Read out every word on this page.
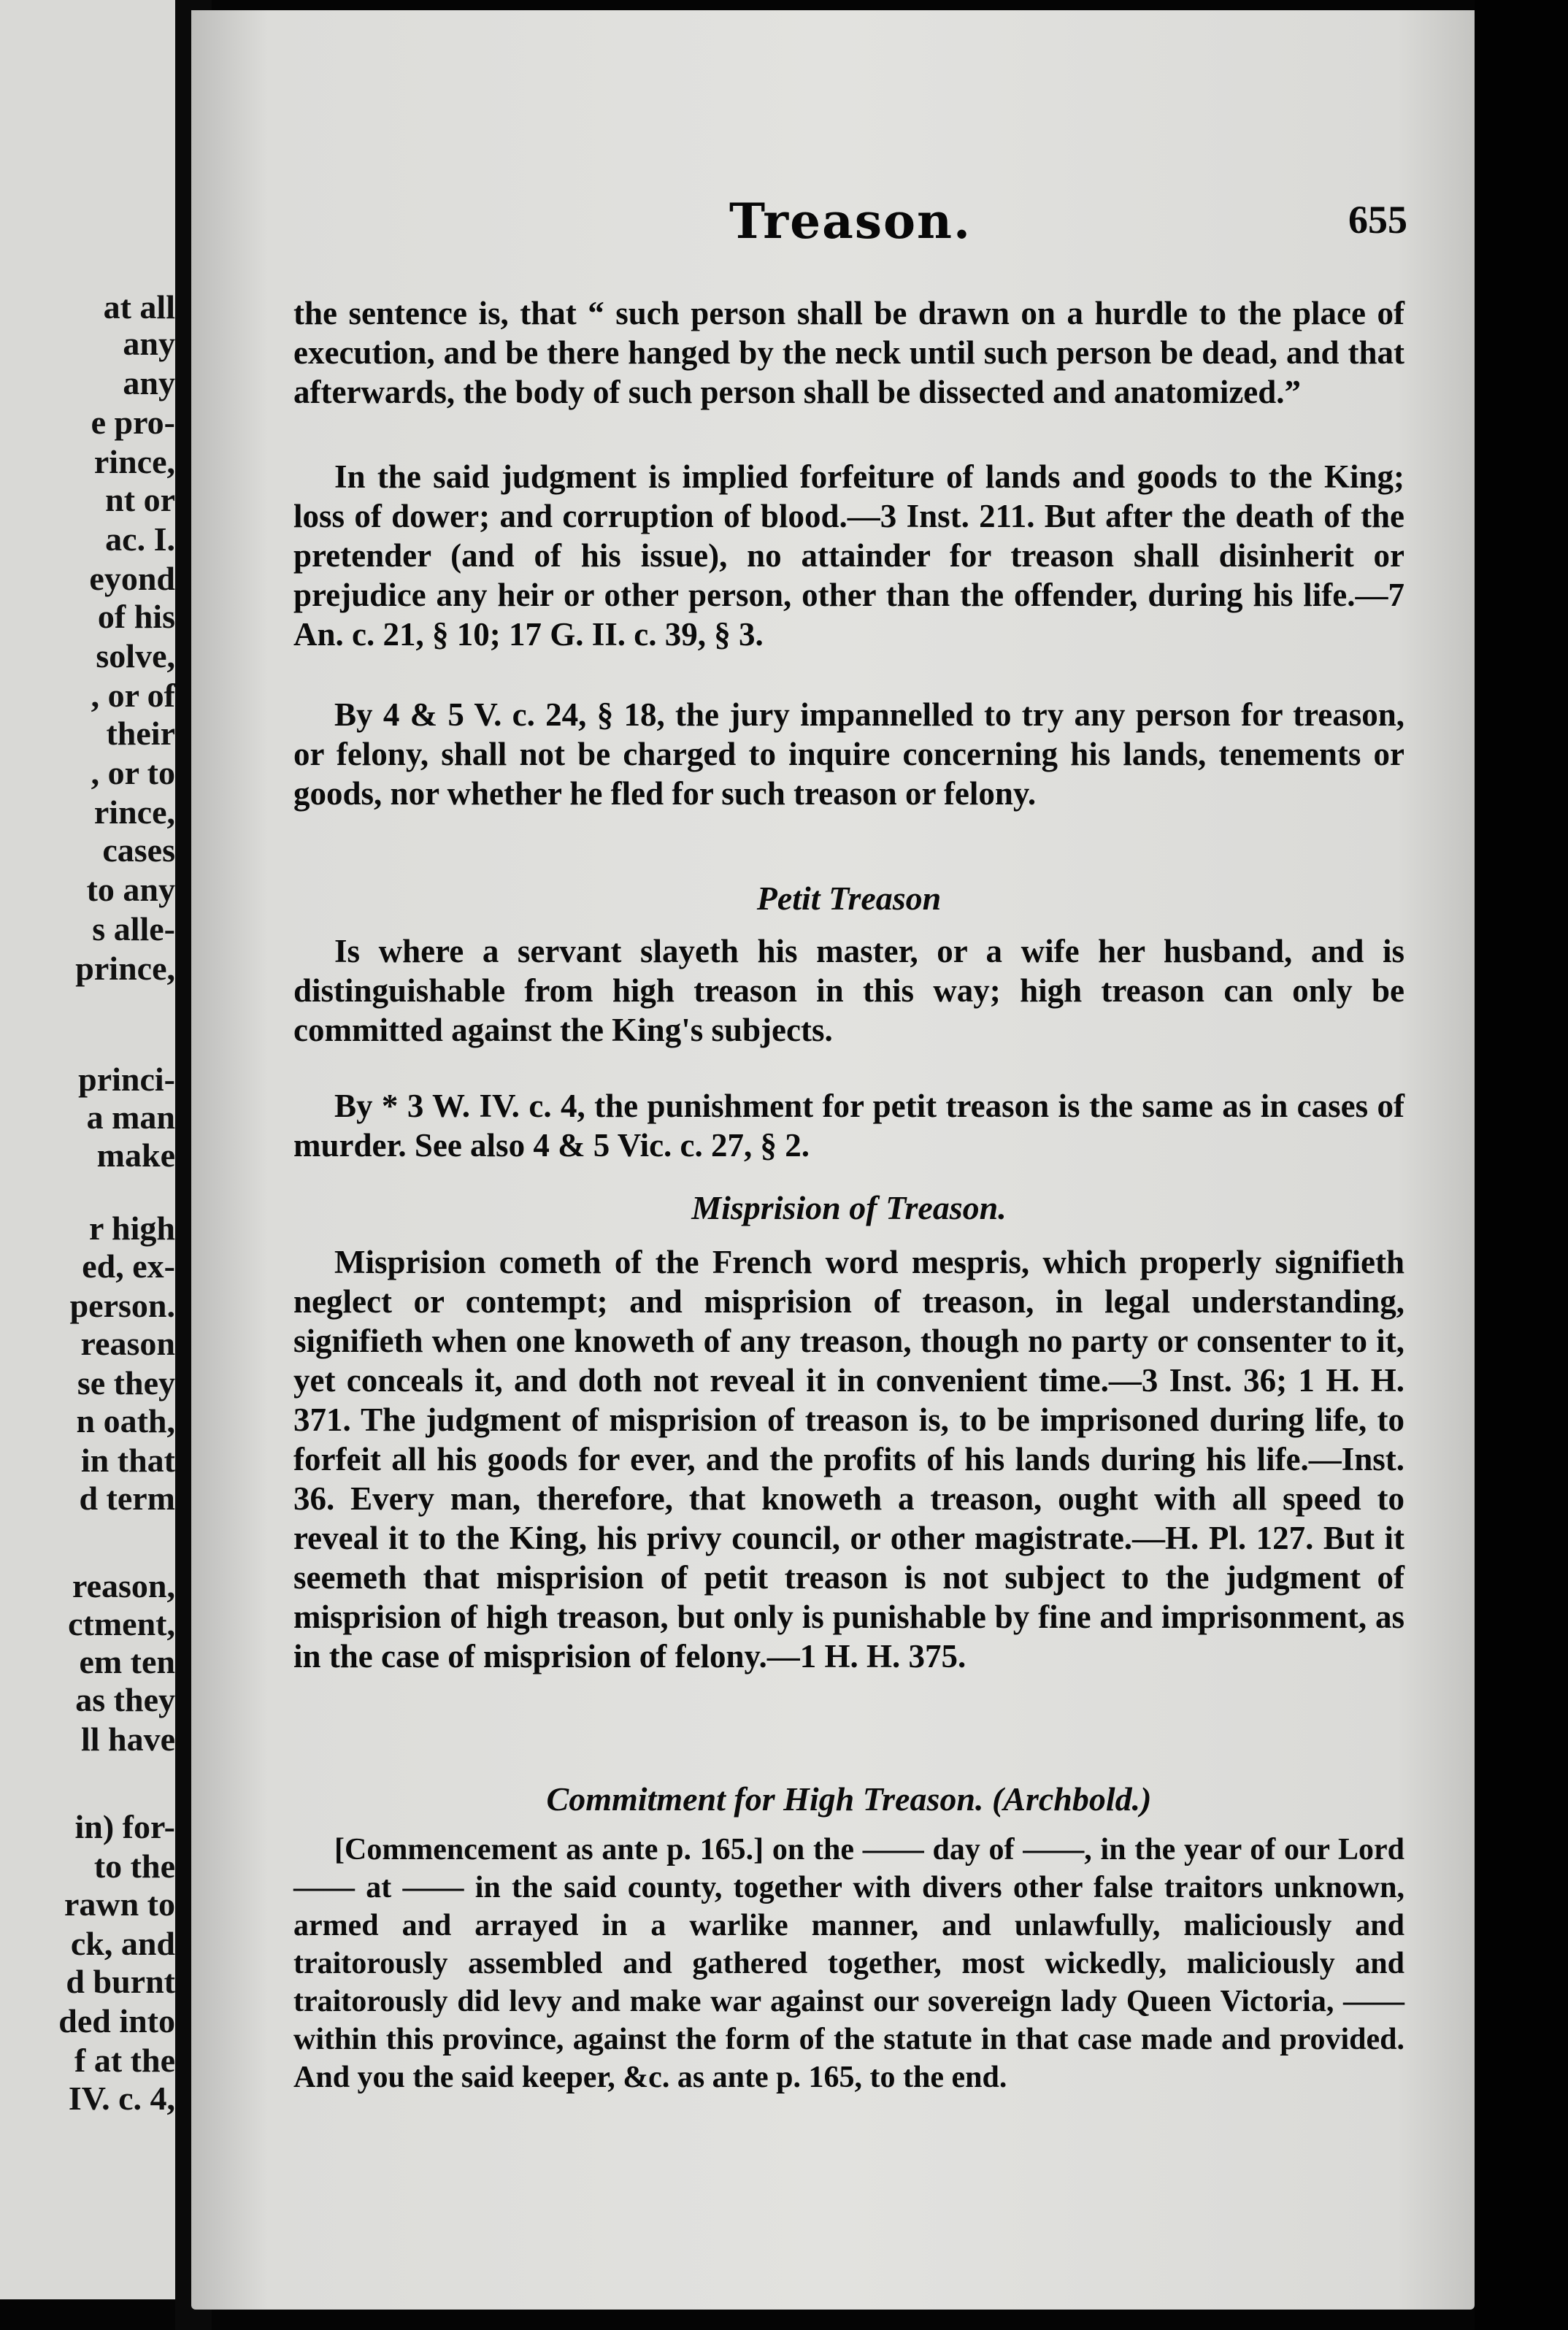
at all
any
any
e pro-
rince,
nt or
ac. I.
eyond
of his
solve,
, or of
their
, or to
rince,
cases
to any
s alle-
prince,
princi-
a man
make
r high
ed, ex-
person.
reason
se they
n oath,
in that
d term
reason,
ctment,
em ten
as they
ll have
in) for-
to the
rawn to
ck, and
d burnt
ded into
f at the
IV. c. 4,
Treason.	655

the sentence is, that “ such person shall be drawn on a hurdle to the place of execution, and be there hanged by the neck until such person be dead, and that afterwards, the body of such person shall be dissected and anatomized.”

In the said judgment is implied forfeiture of lands and goods to the King; loss of dower; and corruption of blood.—3 Inst. 211. But after the death of the pretender (and of his issue), no attainder for treason shall disinherit or prejudice any heir or other person, other than the offender, during his life.—7 An. c. 21, § 10; 17 G. II. c. 39, § 3.

By 4 & 5 V. c. 24, § 18, the jury impannelled to try any person for treason, or felony, shall not be charged to inquire concerning his lands, tenements or goods, nor whether he fled for such treason or felony.

Petit Treason

Is where a servant slayeth his master, or a wife her husband, and is distinguishable from high treason in this way; high treason can only be committed against the King's subjects.

By * 3 W. IV. c. 4, the punishment for petit treason is the same as in cases of murder. See also 4 & 5 Vic. c. 27, § 2.

Misprision of Treason.

Misprision cometh of the French word mespris, which properly signifieth neglect or contempt; and misprision of treason, in legal understanding, signifieth when one knoweth of any treason, though no party or consenter to it, yet conceals it, and doth not reveal it in convenient time.—3 Inst. 36; 1 H. H. 371. The judgment of misprision of treason is, to be imprisoned during life, to forfeit all his goods for ever, and the profits of his lands during his life.—Inst. 36. Every man, therefore, that knoweth a treason, ought with all speed to reveal it to the King, his privy council, or other magistrate.—H. Pl. 127. But it seemeth that misprision of petit treason is not subject to the judgment of misprision of high treason, but only is punishable by fine and imprisonment, as in the case of misprision of felony.—1 H. H. 375.

Commitment for High Treason. (Archbold.)

[Commencement as ante p. 165.] on the —— day of ——, in the year of our Lord —— at —— in the said county, together with divers other false traitors unknown, armed and arrayed in a warlike manner, and unlawfully, maliciously and traitorously assembled and gathered together, most wickedly, maliciously and traitorously did levy and make war against our sovereign lady Queen Victoria, —— within this province, against the form of the statute in that case made and provided. And you the said keeper, &c. as ante p. 165, to the end.
